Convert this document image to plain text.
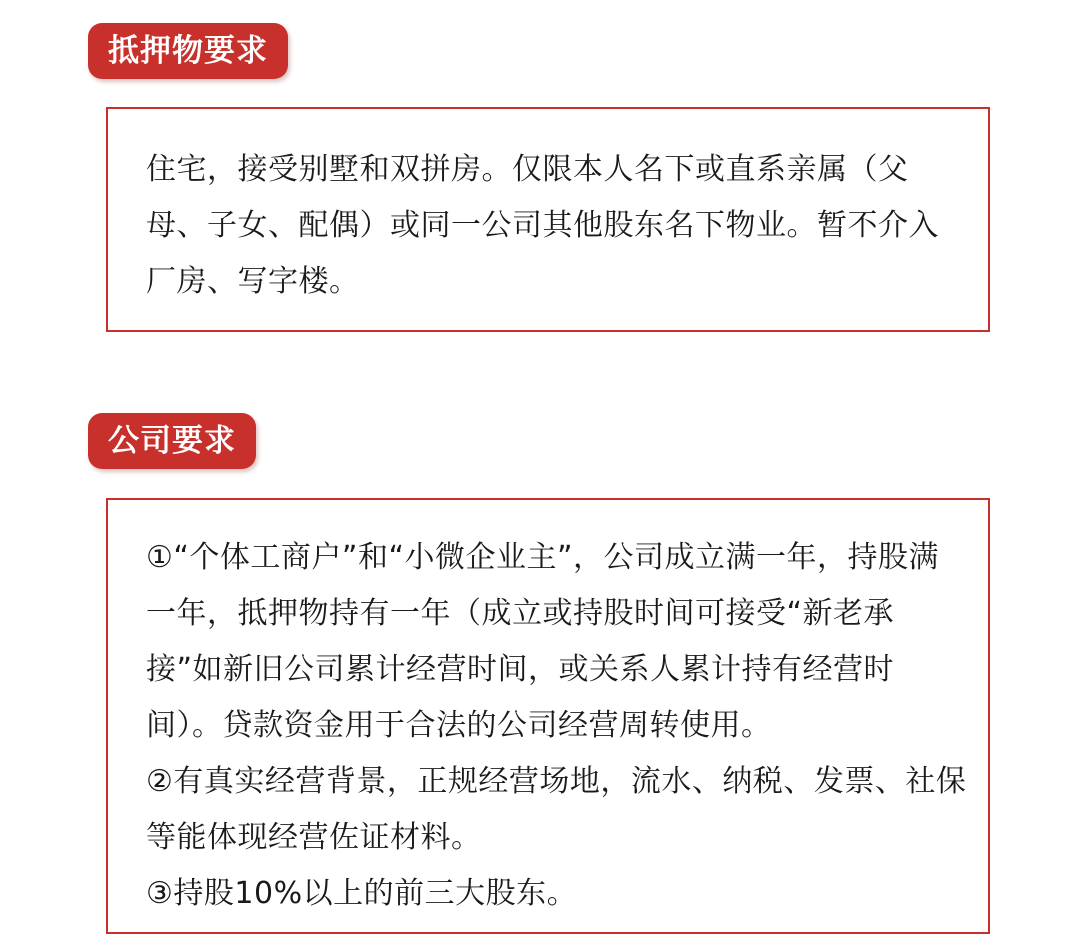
抵押物要求

住宅，接受别墅和双拼房。仅限本人名下或直系亲属（父母、子女、配偶）或同一公司其他股东名下物业。暂不介入厂房、写字楼。

公司要求

①“个体工商户”和“小微企业主”，公司成立满一年，持股满一年，抵押物持有一年（成立或持股时间可接受“新老承接”如新旧公司累计经营时间，或关系人累计持有经营时间）。贷款资金用于合法的公司经营周转使用。

②有真实经营背景，正规经营场地，流水、纳税、发票、社保等能体现经营佐证材料。

③持股10%以上的前三大股东。
